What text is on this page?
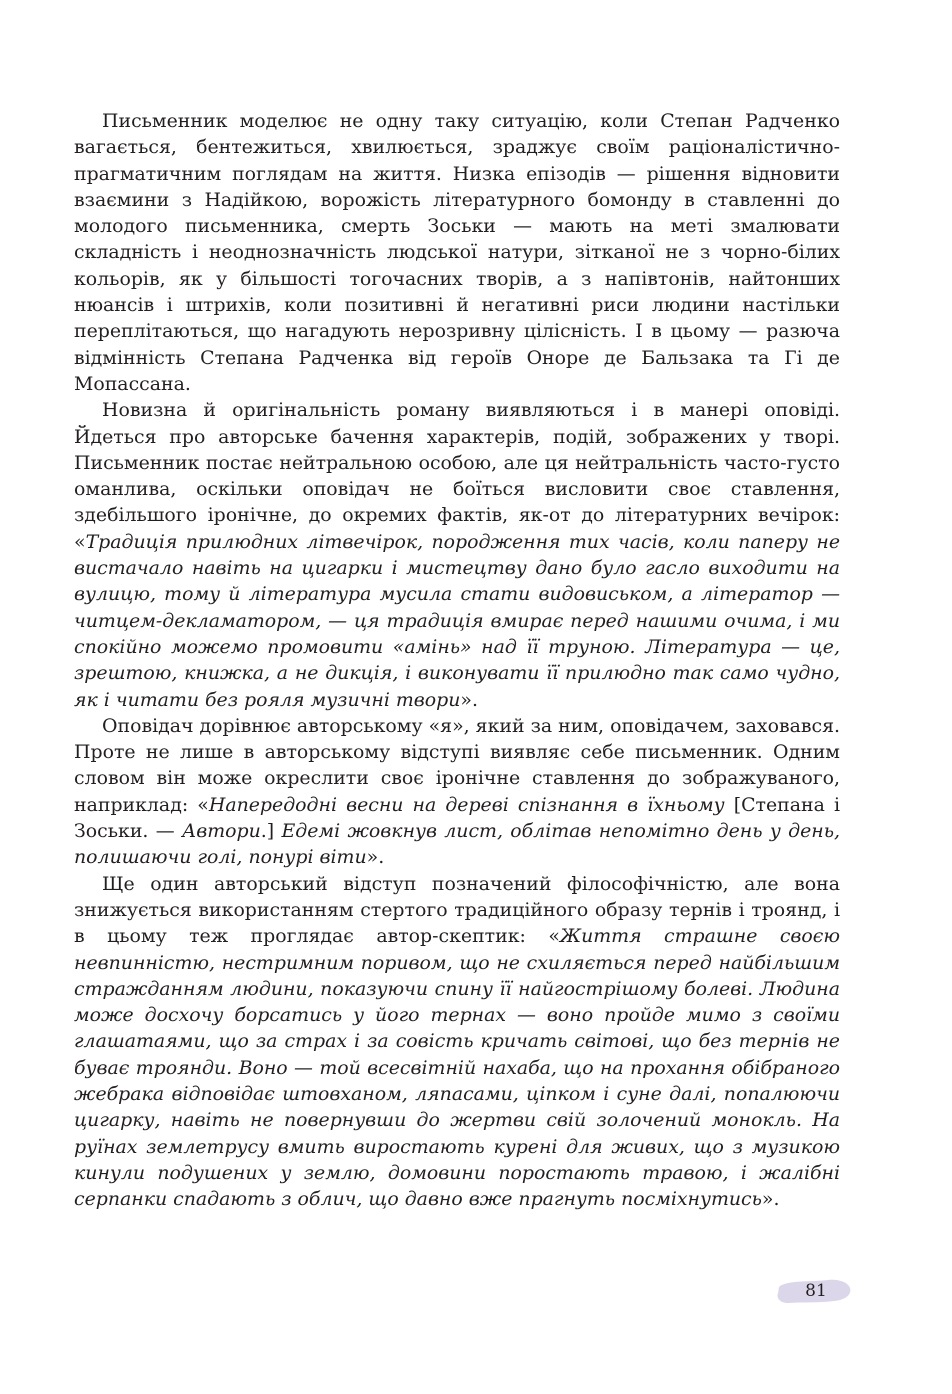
Письменник моделює не одну таку ситуацію, коли Степан Радченко вагається, бентежиться, хвилюється, зраджує своїм раціоналістично-прагматичним поглядам на життя. Низка епізодів — рішення відновити взаємини з Надійкою, ворожість літературного бомонду в ставленні до молодого письменника, смерть Зоськи — мають на меті змалювати складність і неоднозначність людської натури, зітканої не з чорно-білих кольорів, як у більшості тогочасних творів, а з напівтонів, найтонших нюансів і штрихів, коли позитивні й негативні риси людини настільки переплітаються, що нагадують нерозривну цілісність. І в цьому — разюча відмінність Степана Радченка від героїв Оноре де Бальзака та Гі де Мопассана.

Новизна й оригінальність роману виявляються і в манері оповіді. Йдеться про авторське бачення характерів, подій, зображених у творі. Письменник постає нейтральною особою, але ця нейтральність часто-густо оманлива, оскільки оповідач не боїться висловити своє ставлення, здебільшого іронічне, до окремих фактів, як-от до літературних вечірок: «Традиція прилюдних літвечірок, породження тих часів, коли паперу не вистачало навіть на цигарки і мистецтву дано було гасло виходити на вулицю, тому й література мусила стати видовиськом, а літератор — читцем-декламатором, — ця традиція вмирає перед нашими очима, і ми спокійно можемо промовити «амінь» над її труною. Література — це, зрештою, книжка, а не дикція, і виконувати її прилюдно так само чудно, як і читати без рояля музичні твори».

Оповідач дорівнює авторському «я», який за ним, оповідачем, заховався. Проте не лише в авторському відступі виявляє себе письменник. Одним словом він може окреслити своє іронічне ставлення до зображуваного, наприклад: «Напередодні весни на дереві спізнання в їхньому [Степана і Зоськи. — Автори.] Едемі жовкнув лист, облітав непомітно день у день, полишаючи голі, понурі віти».

Ще один авторський відступ позначений філософічністю, але вона знижується використанням стертого традиційного образу тернів і троянд, і в цьому теж проглядає автор-скептик: «Життя страшне своєю невпинністю, нестримним поривом, що не схиляється перед найбільшим стражданням людини, показуючи спину її найгострішому болеві. Людина може досхочу борсатись у його тернах — воно пройде мимо з своїми глашатаями, що за страх і за совість кричать світові, що без тернів не буває троянди. Воно — той всесвітній нахаба, що на прохання обібраного жебрака відповідає штовханом, ляпасами, ціпком і суне далі, попалюючи цигарку, навіть не повернувши до жертви свій золочений монокль. На руїнах землетрусу вмить виростають курені для живих, що з музикою кинули подушених у землю, домовини поростають травою, і жалібні серпанки спадають з облич, що давно вже прагнуть посміхнутись».

81
